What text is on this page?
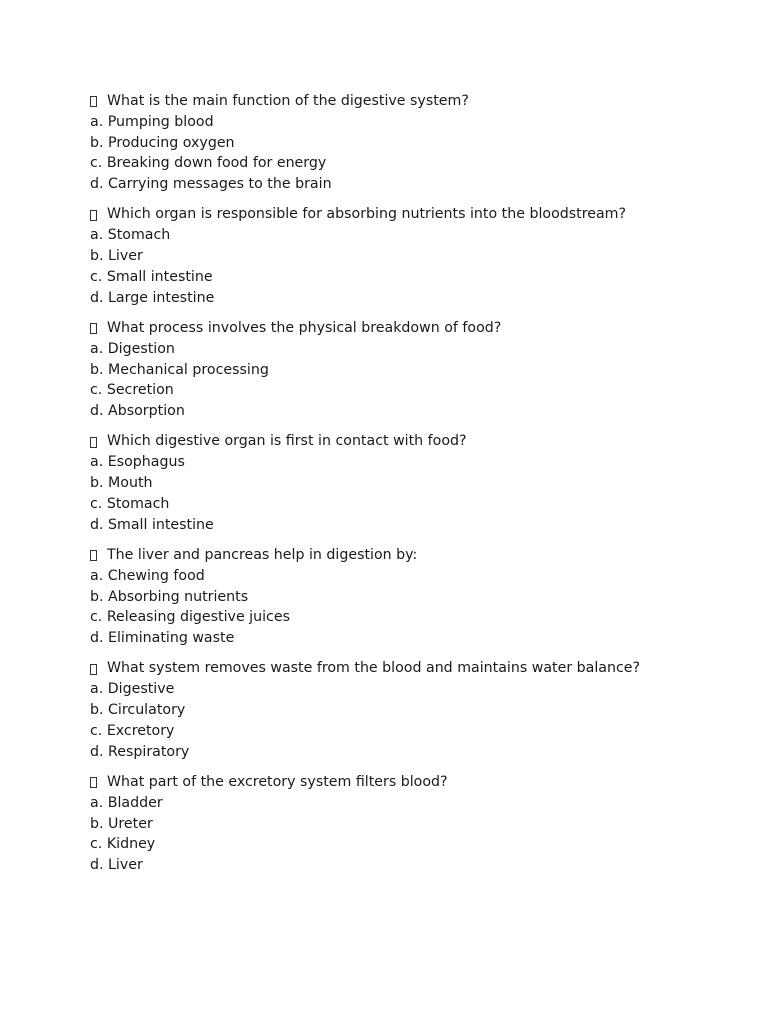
What is the main function of the digestive system?
a. Pumping blood
b. Producing oxygen
c. Breaking down food for energy
d. Carrying messages to the brain
Which organ is responsible for absorbing nutrients into the bloodstream?
a. Stomach
b. Liver
c. Small intestine
d. Large intestine
What process involves the physical breakdown of food?
a. Digestion
b. Mechanical processing
c. Secretion
d. Absorption
Which digestive organ is first in contact with food?
a. Esophagus
b. Mouth
c. Stomach
d. Small intestine
The liver and pancreas help in digestion by:
a. Chewing food
b. Absorbing nutrients
c. Releasing digestive juices
d. Eliminating waste
What system removes waste from the blood and maintains water balance?
a. Digestive
b. Circulatory
c. Excretory
d. Respiratory
What part of the excretory system filters blood?
a. Bladder
b. Ureter
c. Kidney
d. Liver
